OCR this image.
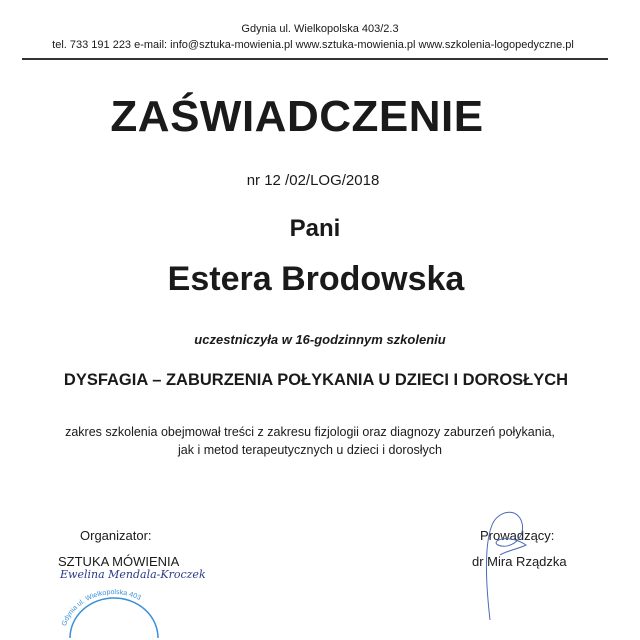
Gdynia ul. Wielkopolska 403/2.3
tel. 733 191 223 e-mail: info@sztuka-mowienia.pl www.sztuka-mowienia.pl www.szkolenia-logopedyczne.pl
ZAŚWIADCZENIE
nr 12 /02/LOG/2018
Pani
Estera Brodowska
uczestniczyła w 16-godzinnym szkoleniu
DYSFAGIA – ZABURZENIA POŁYKANIA U DZIECI I DOROSŁYCH
zakres szkolenia obejmował treści z zakresu fizjologii oraz diagnozy zaburzeń połykania,
jak i metod terapeutycznych u dzieci i dorosłych
Organizator:
SZTUKA MÓWIENIA
Ewelina Mendala-Kroczek
Gdynia ul. Wielkopolska 403
Prowadzący:
dr Mira Rządzka
